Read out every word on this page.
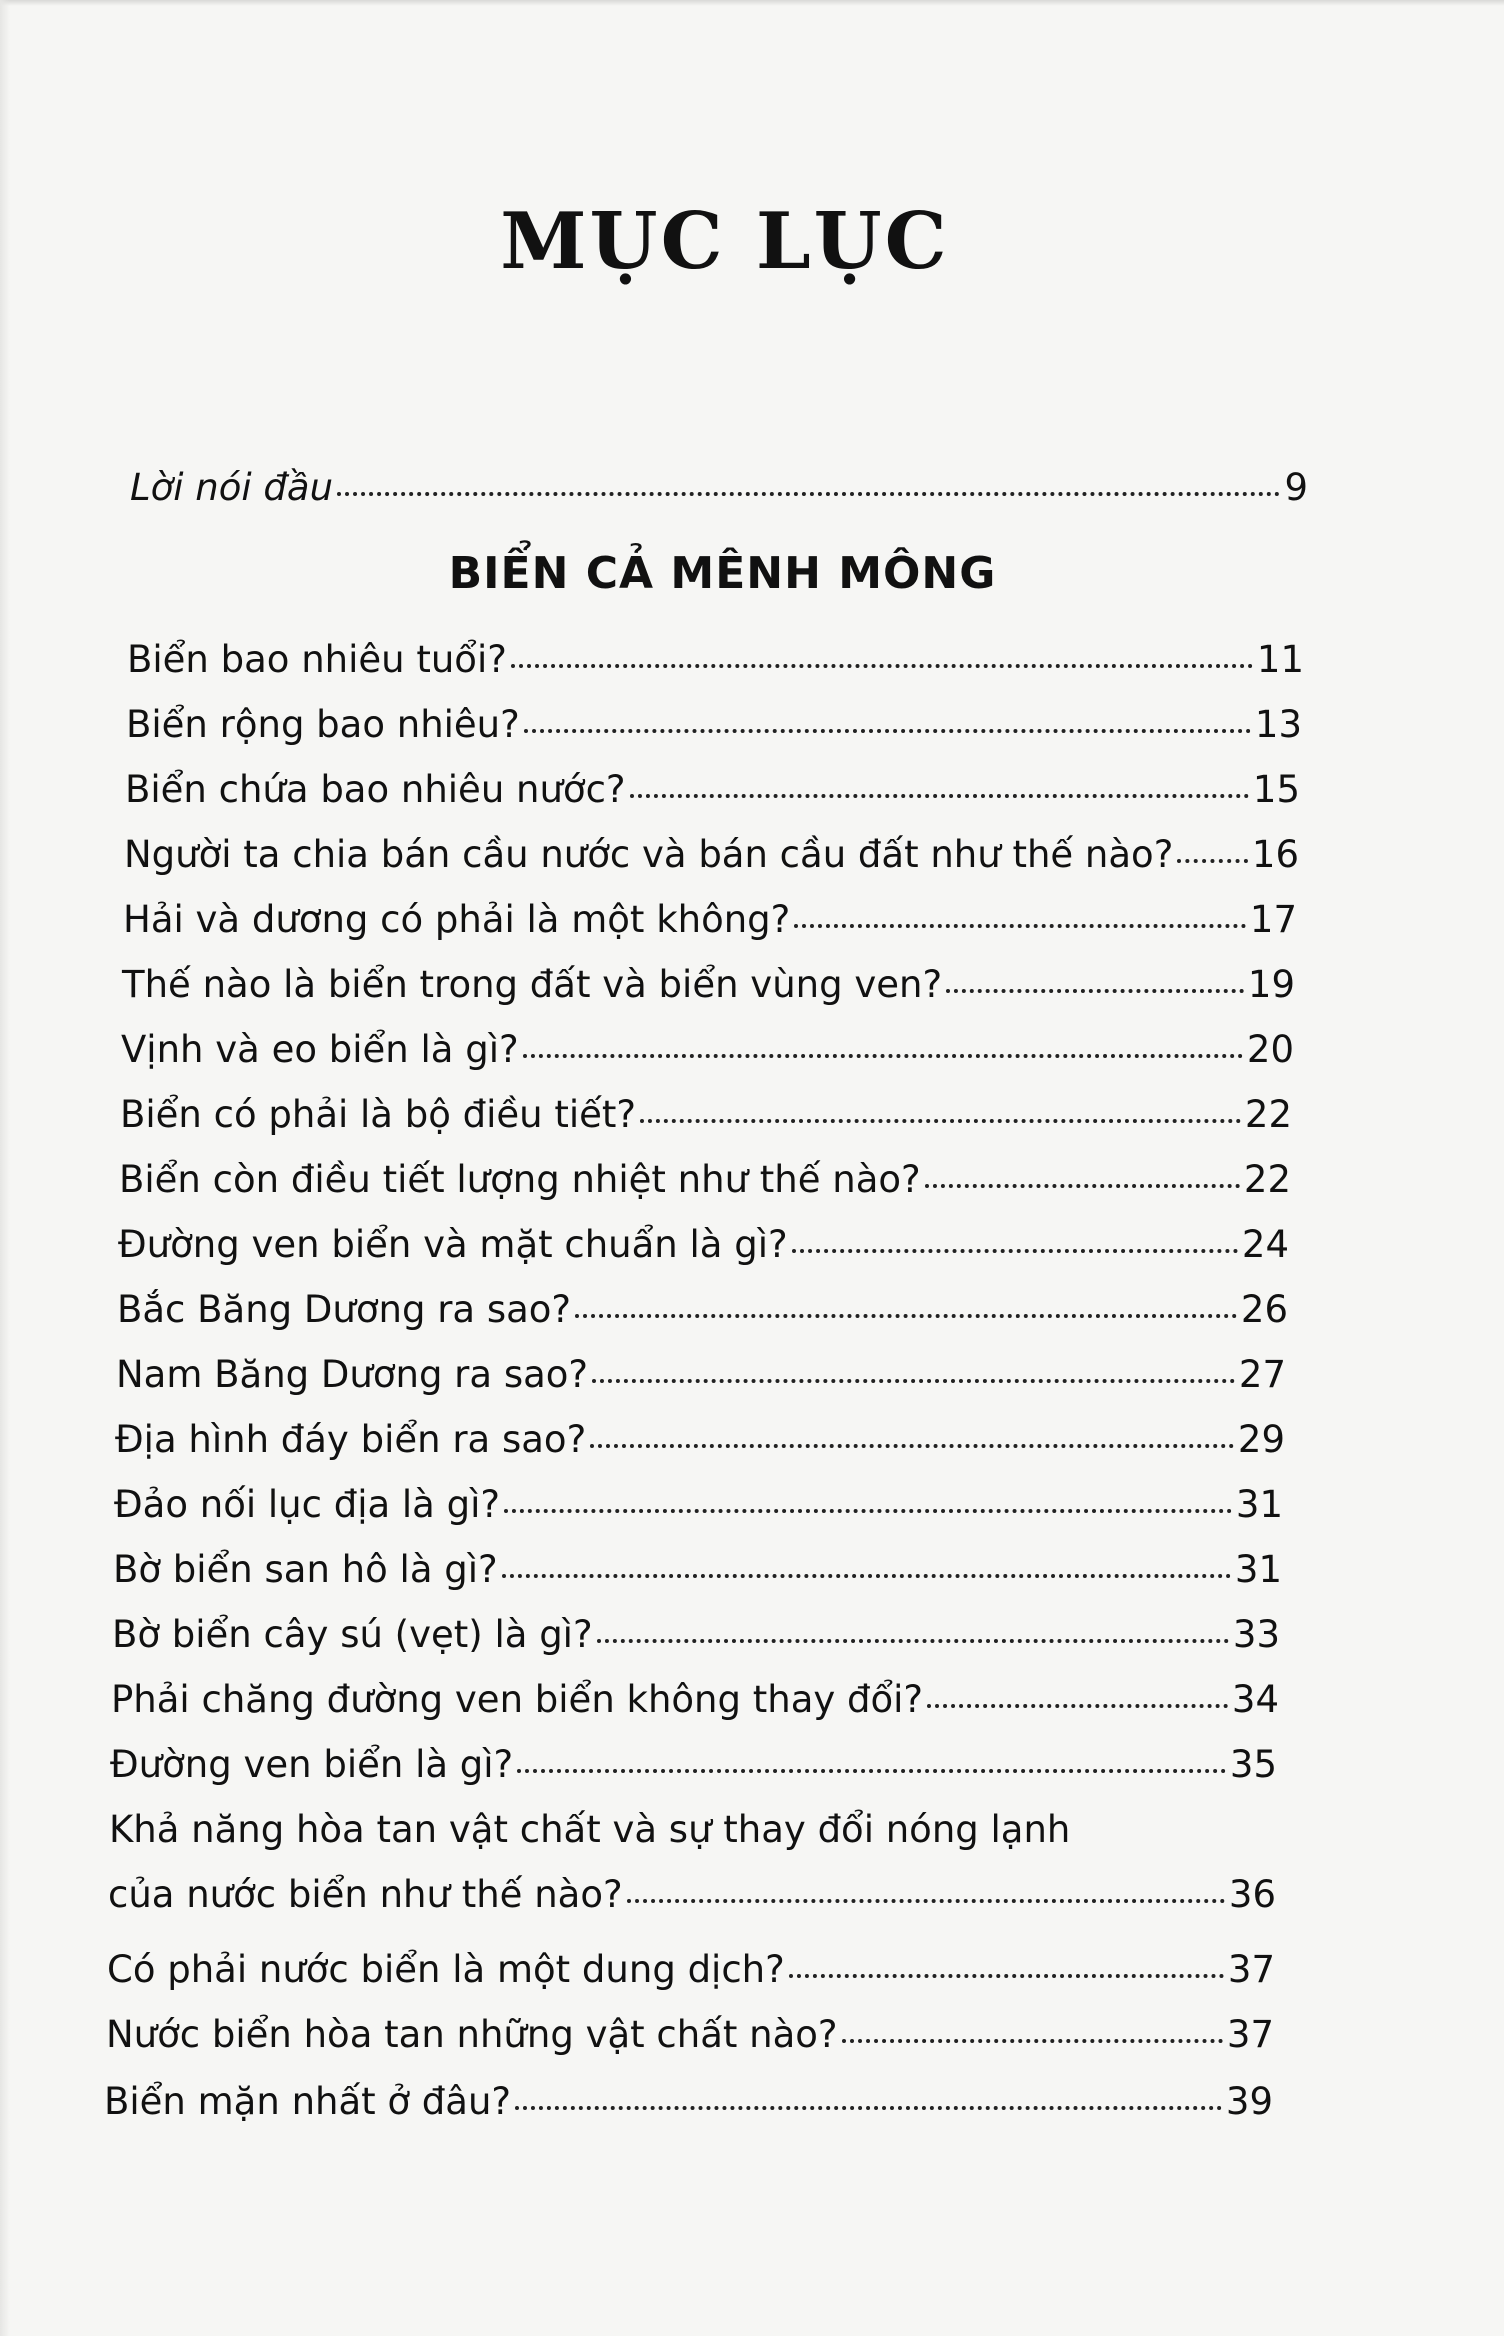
MỤC LỤC
Lời nói đầu	9
BIỂN CẢ MÊNH MÔNG
Biển bao nhiêu tuổi?	11
Biển rộng bao nhiêu?	13
Biển chứa bao nhiêu nước?	15
Người ta chia bán cầu nước và bán cầu đất như thế nào? 16
Hải và dương có phải là một không?	17
Thế nào là biển trong đất và biển vùng ven?	19
Vịnh và eo biển là gì?	20
Biển có phải là bộ điều tiết?	22
Biển còn điều tiết lượng nhiệt như thế nào?	22
Đường ven biển và mặt chuẩn là gì?	24
Bắc Băng Dương ra sao?	26
Nam Băng Dương ra sao?	27
Địa hình đáy biển ra sao?	29
Đảo nối lục địa là gì?	31
Bờ biển san hô là gì?	31
Bờ biển cây sú (vẹt) là gì?	33
Phải chăng đường ven biển không thay đổi?	34
Đường ven biển là gì?	35
Khả năng hòa tan vật chất và sự thay đổi nóng lạnh
của nước biển như thế nào?	36
Có phải nước biển là một dung dịch?	37
Nước biển hòa tan những vật chất nào?	37
Biển mặn nhất ở đâu?	39
